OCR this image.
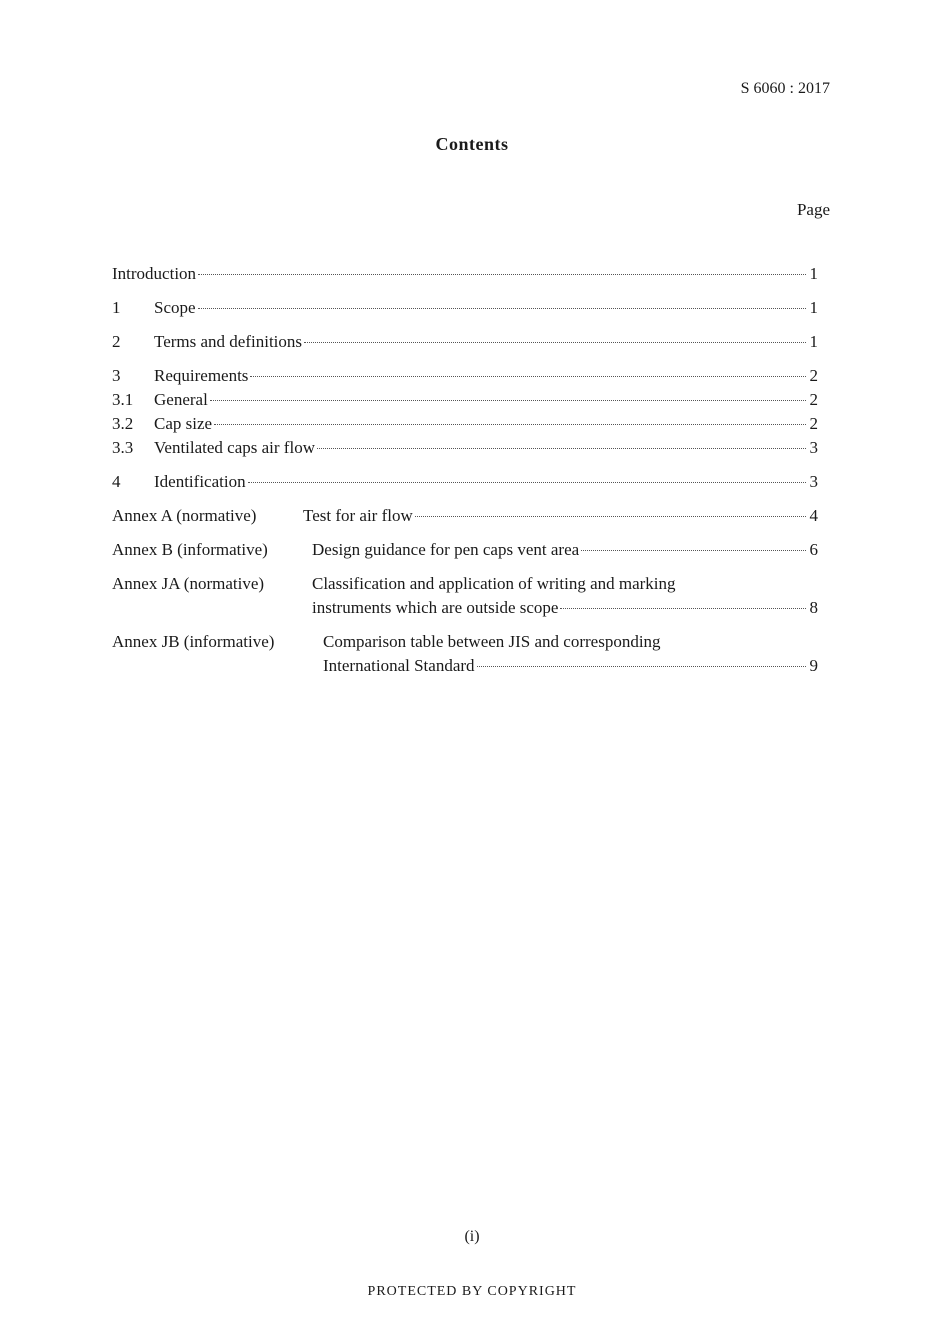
S 6060 : 2017
Contents
Page
Introduction	1
1	Scope	1
2	Terms and definitions	1
3	Requirements	2
3.1	General	2
3.2	Cap size	2
3.3	Ventilated caps air flow	3
4	Identification	3
Annex A (normative)	Test for air flow	4
Annex B (informative)	Design guidance for pen caps vent area	6
Annex JA (normative)	Classification and application of writing and marking
instruments which are outside scope	8
Annex JB (informative)	Comparison table between JIS and corresponding
International Standard	9
(i)
PROTECTED BY COPYRIGHT
